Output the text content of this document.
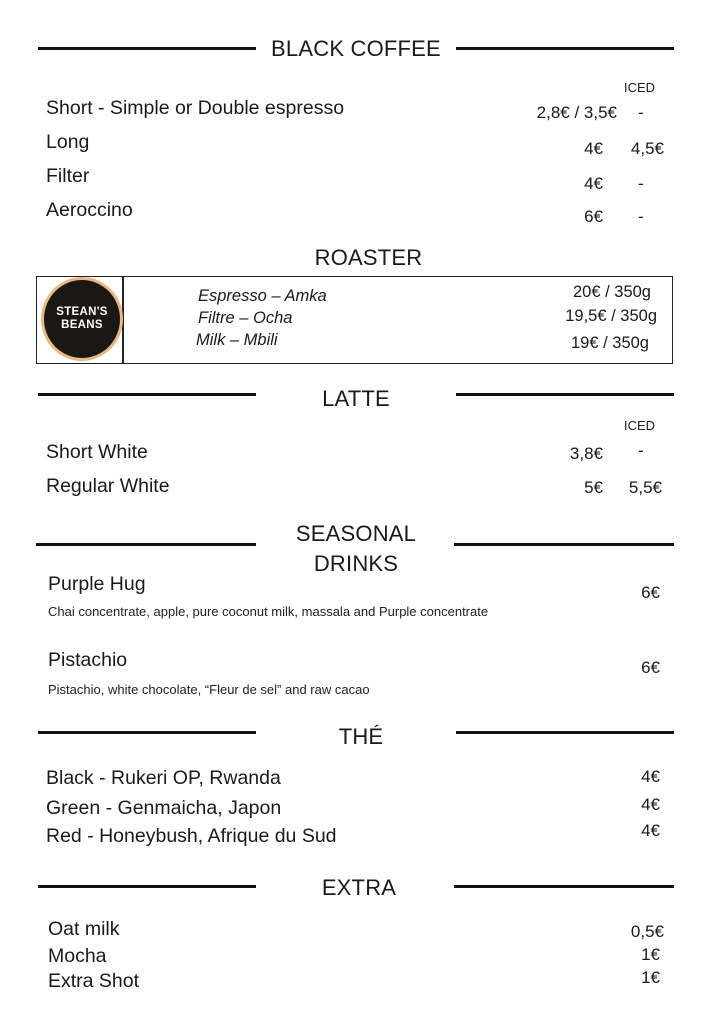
BLACK COFFEE
ICED
Short - Simple or Double espresso	2,8€ / 3,5€ -
Long	4€ 4,5€
Filter	4€ -
Aeroccino	6€ -
ROASTER
STEAN'S
BEANS
Espresso – Amka	20€ / 350g
Filtre – Ocha	19,5€ / 350g
Milk – Mbili	19€ / 350g
LATTE
ICED
Short White	3,8€ -
Regular White	5€ 5,5€
SEASONAL
DRINKS
Purple Hug
Chai concentrate, apple, pure coconut milk, massala and Purple concentrate
6€
Pistachio
Pistachio, white chocolate, “Fleur de sel” and raw cacao
6€
THÉ
Black - Rukeri OP, Rwanda	4€
Green - Genmaicha, Japon	4€
Red - Honeybush, Afrique du Sud	4€
EXTRA
Oat milk	0,5€
Mocha	1€
Extra Shot	1€
